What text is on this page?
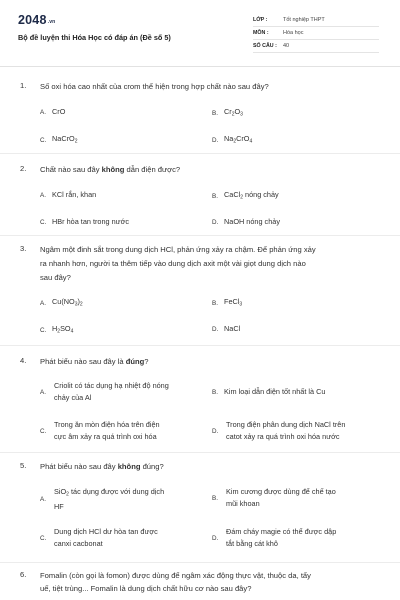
2048.vn
Bộ đề luyện thi Hóa Học có đáp án (Đề số 5)
LỚP :	Tốt nghiệp THPT
MÔN :	Hóa học
SỐ CÂU :	40
1. Số oxi hóa cao nhất của crom thể hiện trong hợp chất nào sau đây?
A. CrO	B. $Cr_2O_3$
C. NaCrO$_2$	D. $Na_2CrO_4$
2. Chất nào sau đây không dẫn điện được?
A. KCl rắn, khan	B. CaCl$_2$ nóng chảy
C. HBr hòa tan trong nước	D. NaOH nóng chảy
3. Ngâm một đinh sắt trong dung dịch HCl, phản ứng xảy ra chậm. Để phản ứng xảy
ra nhanh hơn, người ta thêm tiếp vào dung dịch axit một vài giọt dung dịch nào
sau đây?
A. $Cu(NO_3)_2$	B. FeCl$_3$
C. $H_2SO_4$	D. NaCl
4. Phát biểu nào sau đây là đúng?
A.
Criolit có tác dụng hạ nhiệt độ nóng
chảy của Al
B. Kim loại dẫn điện tốt nhất là Cu
C.
Trong ăn mòn điện hóa trên điện
cực âm xảy ra quá trình oxi hóa
D.
Trong điện phân dung dịch NaCl trên
catot xảy ra quá trình oxi hóa nước
5. Phát biểu nào sau đây không đúng?
A.
SiO$_2$ tác dụng được với dung dịch
HF
B.
Kim cương được dùng để chế tạo
mũi khoan
C.
Dung dịch HCl dư hòa tan được
canxi cacbonat
D.
Đám cháy magie có thể được dập
tắt bằng cát khô
6. Fomalin (còn gọi là fomon) được dùng để ngâm xác động thực vật, thuộc da, tẩy
uế, tiệt trùng... Fomalin là dung dịch chất hữu cơ nào sau đây?
